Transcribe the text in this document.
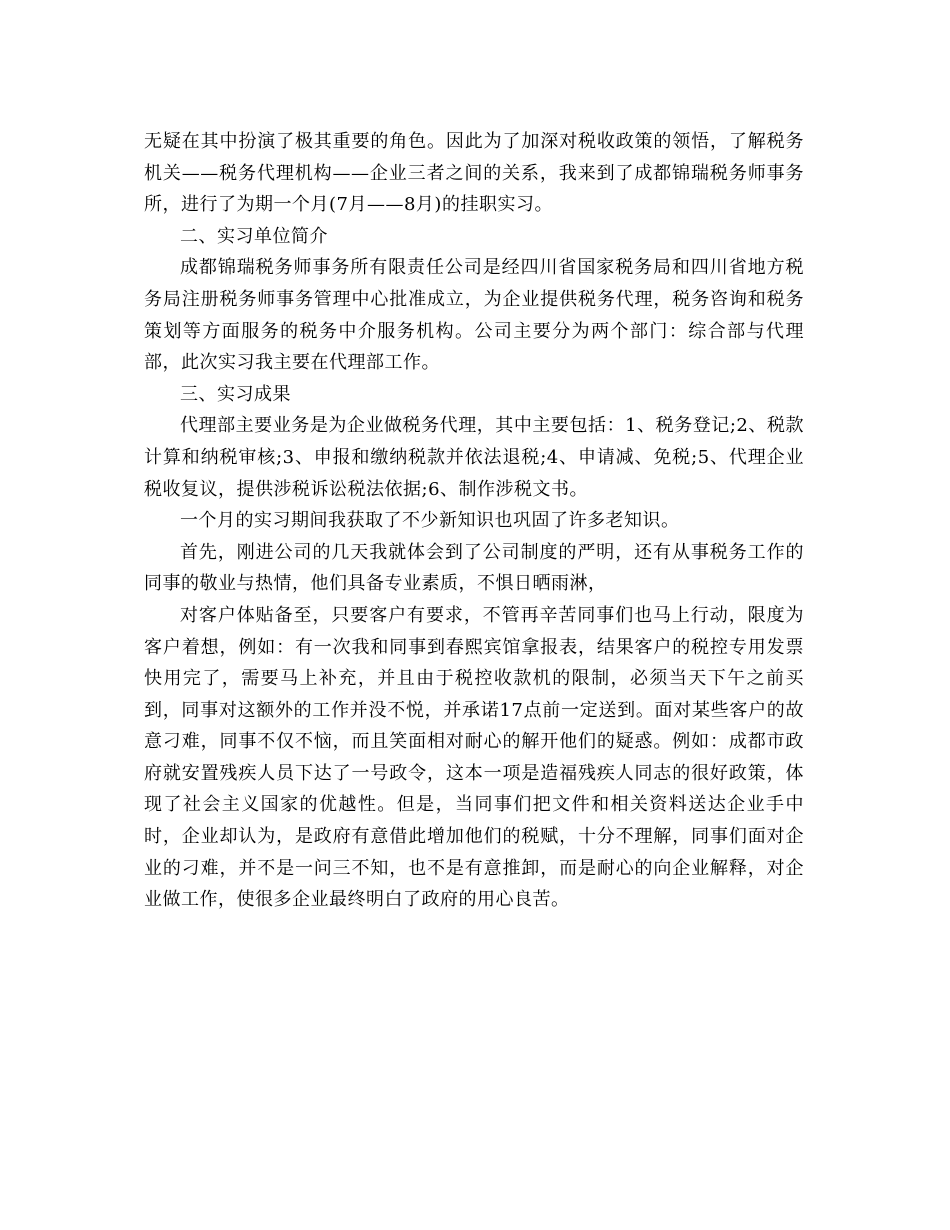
无疑在其中扮演了极其重要的角色。因此为了加深对税收政策的领悟，了解税务机关——税务代理机构——企业三者之间的关系，我来到了成都锦瑞税务师事务所，进行了为期一个月(7月——8月)的挂职实习。

二、实习单位简介

成都锦瑞税务师事务所有限责任公司是经四川省国家税务局和四川省地方税务局注册税务师事务管理中心批准成立，为企业提供税务代理，税务咨询和税务策划等方面服务的税务中介服务机构。公司主要分为两个部门：综合部与代理部，此次实习我主要在代理部工作。

三、实习成果

代理部主要业务是为企业做税务代理，其中主要包括：1、税务登记;2、税款计算和纳税审核;3、申报和缴纳税款并依法退税;4、申请减、免税;5、代理企业税收复议，提供涉税诉讼税法依据;6、制作涉税文书。

一个月的实习期间我获取了不少新知识也巩固了许多老知识。

首先，刚进公司的几天我就体会到了公司制度的严明，还有从事税务工作的同事的敬业与热情，他们具备专业素质，不惧日晒雨淋，

对客户体贴备至，只要客户有要求，不管再辛苦同事们也马上行动，限度为客户着想，例如：有一次我和同事到春熙宾馆拿报表，结果客户的税控专用发票快用完了，需要马上补充，并且由于税控收款机的限制，必须当天下午之前买到，同事对这额外的工作并没不悦，并承诺17点前一定送到。面对某些客户的故意刁难，同事不仅不恼，而且笑面相对耐心的解开他们的疑惑。例如：成都市政府就安置残疾人员下达了一号政令，这本一项是造福残疾人同志的很好政策，体现了社会主义国家的优越性。但是，当同事们把文件和相关资料送达企业手中时，企业却认为，是政府有意借此增加他们的税赋，十分不理解，同事们面对企业的刁难，并不是一问三不知，也不是有意推卸，而是耐心的向企业解释，对企业做工作，使很多企业最终明白了政府的用心良苦。
